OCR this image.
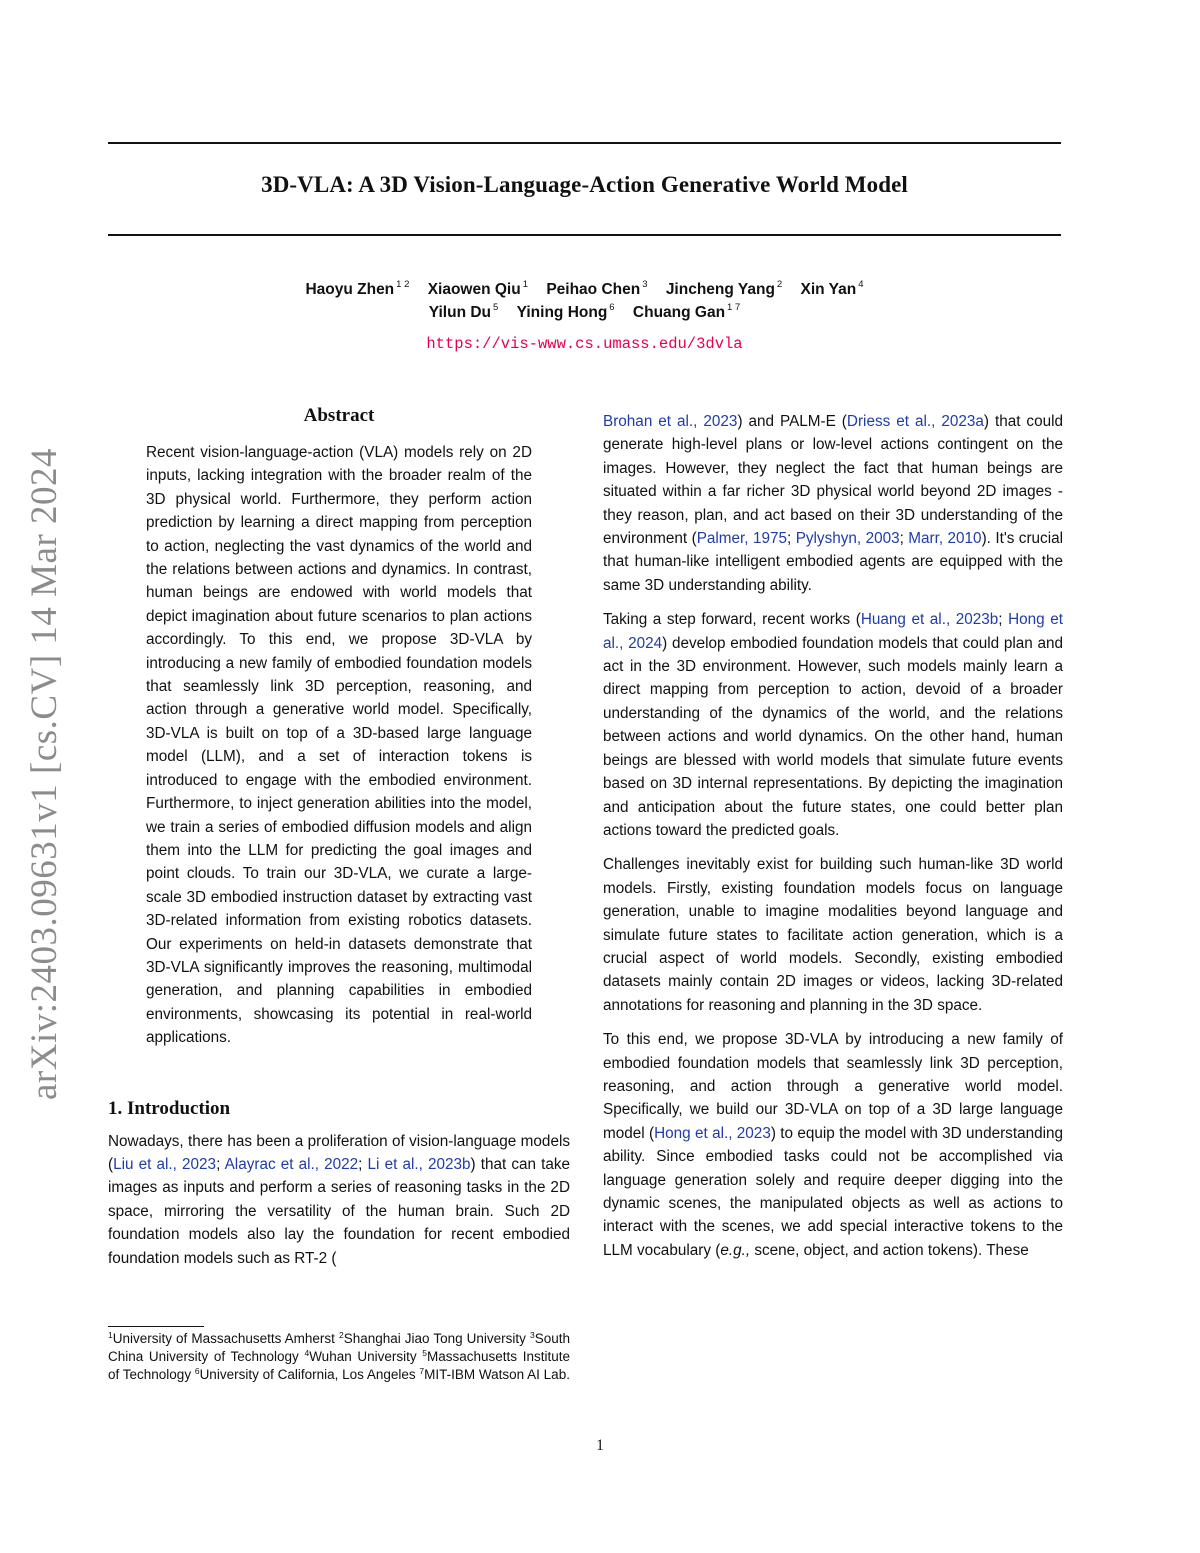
3D-VLA: A 3D Vision-Language-Action Generative World Model
Haoyu Zhen $^{1 2}$ Xiaowen Qiu $^1$ Peihao Chen $^3$ Jincheng Yang $^2$ Xin Yan $^4$
Yilun Du $^5$ Yining Hong $^6$ Chuang Gan $^{1 7}$
https://vis-www.cs.umass.edu/3dvla
arXiv:2403.09631v1 [cs.CV] 14 Mar 2024
Abstract
Recent vision-language-action (VLA) models rely on 2D inputs, lacking integration with the broader realm of the 3D physical world. Furthermore, they perform action prediction by learning a direct mapping from perception to action, neglecting the vast dynamics of the world and the relations between actions and dynamics. In contrast, human beings are endowed with world models that depict imagination about future scenarios to plan actions accordingly. To this end, we propose 3D-VLA by introducing a new family of embodied foundation models that seamlessly link 3D perception, reasoning, and action through a generative world model. Specifically, 3D-VLA is built on top of a 3D-based large language model (LLM), and a set of interaction tokens is introduced to engage with the embodied environment. Furthermore, to inject generation abilities into the model, we train a series of embodied diffusion models and align them into the LLM for predicting the goal images and point clouds. To train our 3D-VLA, we curate a large-scale 3D embodied instruction dataset by extracting vast 3D-related information from existing robotics datasets. Our experiments on held-in datasets demonstrate that 3D-VLA significantly improves the reasoning, multimodal generation, and planning capabilities in embodied environments, showcasing its potential in real-world applications.
1. Introduction

Nowadays, there has been a proliferation of vision-language models (Liu et al., 2023; Alayrac et al., 2022; Li et al., 2023b) that can take images as inputs and perform a series of reasoning tasks in the 2D space, mirroring the versatility of the human brain. Such 2D foundation models also lay the foundation for recent embodied foundation models such as RT-2 (

$^1$University of Massachusetts Amherst $^2$Shanghai Jiao Tong University $^3$South China University of Technology $^4$Wuhan University $^5$Massachusetts Institute of Technology $^6$University of California, Los Angeles $^7$MIT-IBM Watson AI Lab.

Brohan et al., 2023) and PALM-E (Driess et al., 2023a) that could generate high-level plans or low-level actions contingent on the images. However, they neglect the fact that human beings are situated within a far richer 3D physical world beyond 2D images - they reason, plan, and act based on their 3D understanding of the environment (Palmer, 1975; Pylyshyn, 2003; Marr, 2010). It's crucial that human-like intelligent embodied agents are equipped with the same 3D understanding ability.

Taking a step forward, recent works (Huang et al., 2023b; Hong et al., 2024) develop embodied foundation models that could plan and act in the 3D environment. However, such models mainly learn a direct mapping from perception to action, devoid of a broader understanding of the dynamics of the world, and the relations between actions and world dynamics. On the other hand, human beings are blessed with world models that simulate future events based on 3D internal representations. By depicting the imagination and anticipation about the future states, one could better plan actions toward the predicted goals.

Challenges inevitably exist for building such human-like 3D world models. Firstly, existing foundation models focus on language generation, unable to imagine modalities beyond language and simulate future states to facilitate action generation, which is a crucial aspect of world models. Secondly, existing embodied datasets mainly contain 2D images or videos, lacking 3D-related annotations for reasoning and planning in the 3D space.

To this end, we propose 3D-VLA by introducing a new family of embodied foundation models that seamlessly link 3D perception, reasoning, and action through a generative world model. Specifically, we build our 3D-VLA on top of a 3D large language model (Hong et al., 2023) to equip the model with 3D understanding ability. Since embodied tasks could not be accomplished via language generation solely and require deeper digging into the dynamic scenes, the manipulated objects as well as actions to interact with the scenes, we add special interactive tokens to the LLM vocabulary (e.g., scene, object, and action tokens). These

1
